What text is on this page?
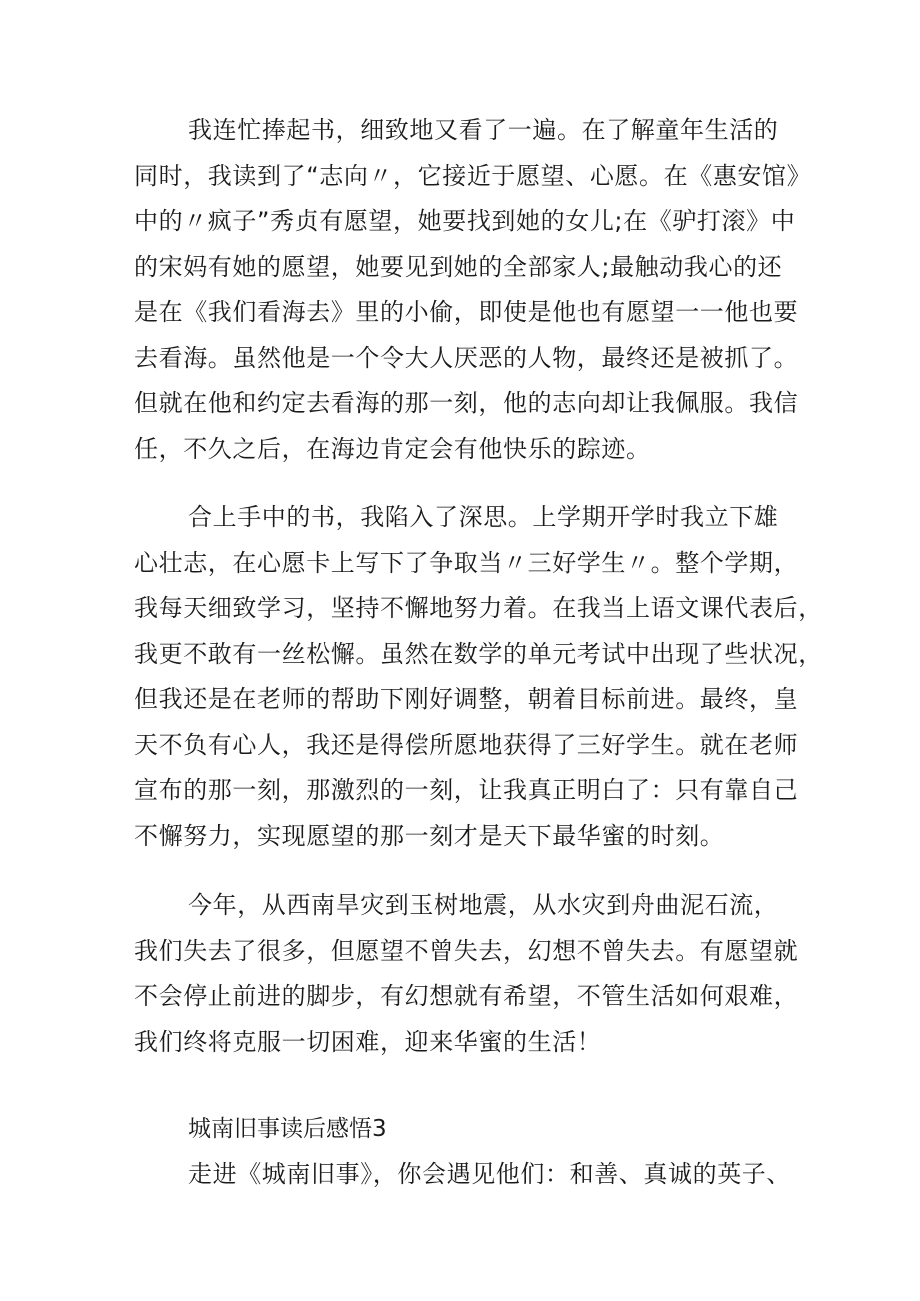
我连忙捧起书，细致地又看了一遍。在了解童年生活的
同时，我读到了“志向〃，它接近于愿望、心愿。在《惠安馆》
中的〃疯子”秀贞有愿望，她要找到她的女儿;在《驴打滚》中
的宋妈有她的愿望，她要见到她的全部家人;最触动我心的还
是在《我们看海去》里的小偷，即使是他也有愿望一一他也要
去看海。虽然他是一个令大人厌恶的人物，最终还是被抓了。
但就在他和约定去看海的那一刻，他的志向却让我佩服。我信
任，不久之后，在海边肯定会有他快乐的踪迹。
合上手中的书，我陷入了深思。上学期开学时我立下雄
心壮志，在心愿卡上写下了争取当〃三好学生〃。整个学期，
我每天细致学习，坚持不懈地努力着。在我当上语文课代表后，
我更不敢有一丝松懈。虽然在数学的单元考试中出现了些状况，
但我还是在老师的帮助下刚好调整，朝着目标前进。最终，皇
天不负有心人，我还是得偿所愿地获得了三好学生。就在老师
宣布的那一刻，那激烈的一刻，让我真正明白了：只有靠自己
不懈努力，实现愿望的那一刻才是天下最华蜜的时刻。
今年，从西南旱灾到玉树地震，从水灾到舟曲泥石流，
我们失去了很多，但愿望不曾失去，幻想不曾失去。有愿望就
不会停止前进的脚步，有幻想就有希望，不管生活如何艰难，
我们终将克服一切困难，迎来华蜜的生活！
城南旧事读后感悟3
走进《城南旧事》，你会遇见他们：和善、真诚的英子、
